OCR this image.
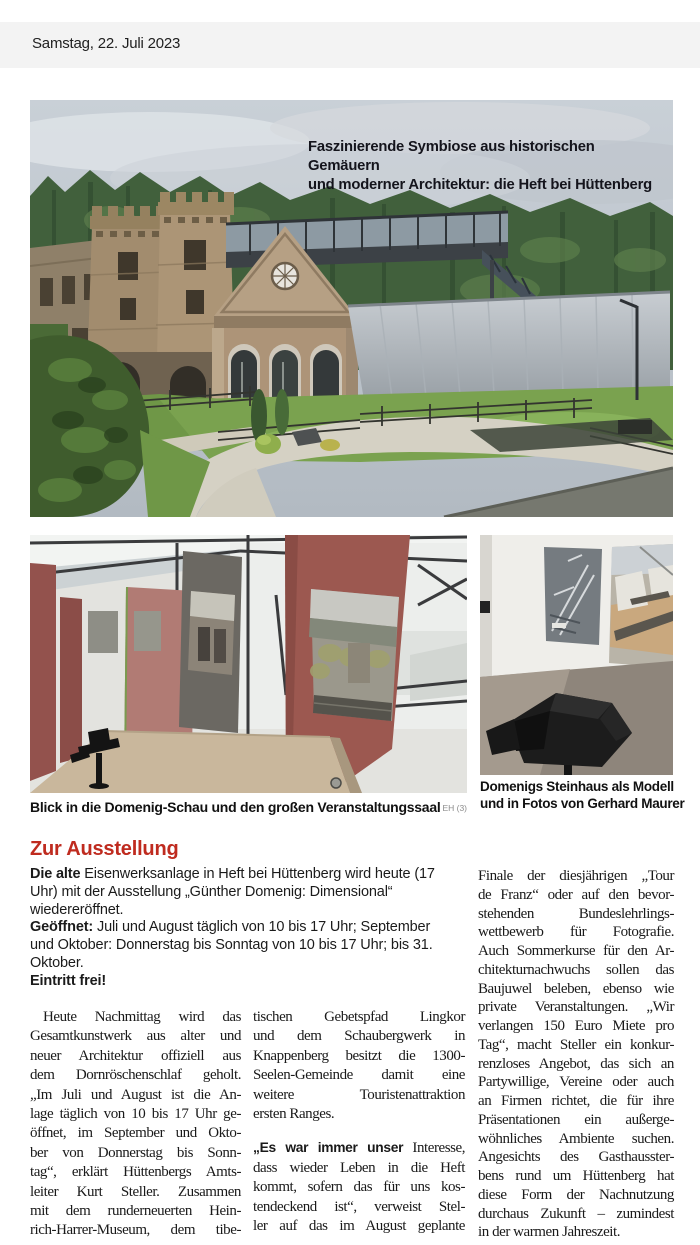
Samstag, 22. Juli 2023
Faszinierende Symbiose aus historischen Gemäuern
und moderner Architektur: die Heft bei Hüttenberg
Blick in die Domenig-Schau und den großen Veranstaltungssaal EH (3)
Domenigs Steinhaus als Modell
und in Fotos von Gerhard Maurer
Zur Ausstellung

Die alte Eisenwerksanlage in Heft bei Hüttenberg wird heute (17 Uhr) mit der Ausstellung „Günther Domenig: Dimensional“ wiedereröffnet.

Geöffnet: Juli und August täglich von 10 bis 17 Uhr; September und Oktober: Donnerstag bis Sonntag von 10 bis 17 Uhr; bis 31. Oktober.

Eintritt frei!

Heute Nachmittag wird das
Gesamtkunstwerk aus alter und
neuer Architektur offiziell aus
dem Dornröschenschlaf geholt.
„Im Juli und August ist die An-
lage täglich von 10 bis 17 Uhr ge-
öffnet, im September und Okto-
ber von Donnerstag bis Sonn-
tag“, erklärt Hüttenbergs Amts-
leiter Kurt Steller. Zusammen
mit dem runderneuerten Hein-
rich-Harrer-Museum, dem tibe-
tischen Gebetspfad Lingkor
und dem Schaubergwerk in
Knappenberg besitzt die 1300-
Seelen-Gemeinde damit eine
weitere Touristenattraktion
ersten Ranges.
„Es war immer unser Interesse,
dass wieder Leben in die Heft
kommt, sofern das für uns kos-
tendeckend ist“, verweist Stel-
ler auf das im August geplante
Finale der diesjährigen „Tour
de Franz“ oder auf den bevor-
stehenden Bundeslehrlings-
wettbewerb für Fotografie.
Auch Sommerkurse für den Ar-
chitekturnachwuchs sollen das
Baujuwel beleben, ebenso wie
private Veranstaltungen. „Wir
verlangen 150 Euro Miete pro
Tag“, macht Steller ein konkur-
renzloses Angebot, das sich an
Partywillige, Vereine oder auch
an Firmen richtet, die für ihre
Präsentationen ein außerge-
wöhnliches Ambiente suchen.
Angesichts des Gasthausster-
bens rund um Hüttenberg hat
diese Form der Nachnutzung
durchaus Zukunft – zumindest
in der warmen Jahreszeit.
